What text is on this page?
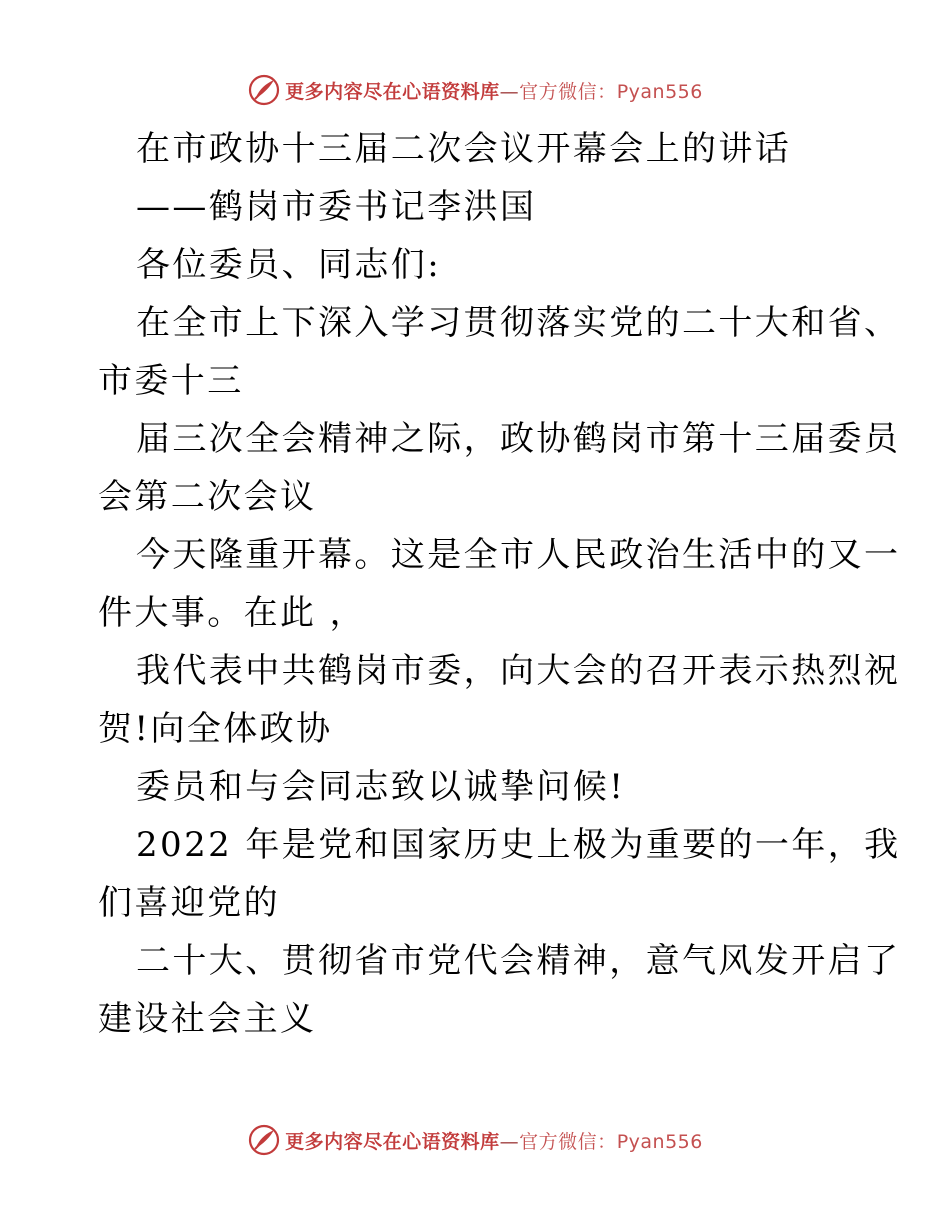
更多内容尽在心语资料库—官方微信：Pyan556
在市政协十三届二次会议开幕会上的讲话
——鹤岗市委书记李洪国
各位委员、同志们:
在全市上下深入学习贯彻落实党的二十大和省、
市委十三
届三次全会精神之际，政协鹤岗市第十三届委员
会第二次会议
今天隆重开幕。这是全市人民政治生活中的又一
件大事。在此 ，
我代表中共鹤岗市委，向大会的召开表示热烈祝
贺!向全体政协
委员和与会同志致以诚挚问候!
2022 年是党和国家历史上极为重要的一年，我
们喜迎党的
二十大、贯彻省市党代会精神，意气风发开启了
建设社会主义
更多内容尽在心语资料库—官方微信：Pyan556
